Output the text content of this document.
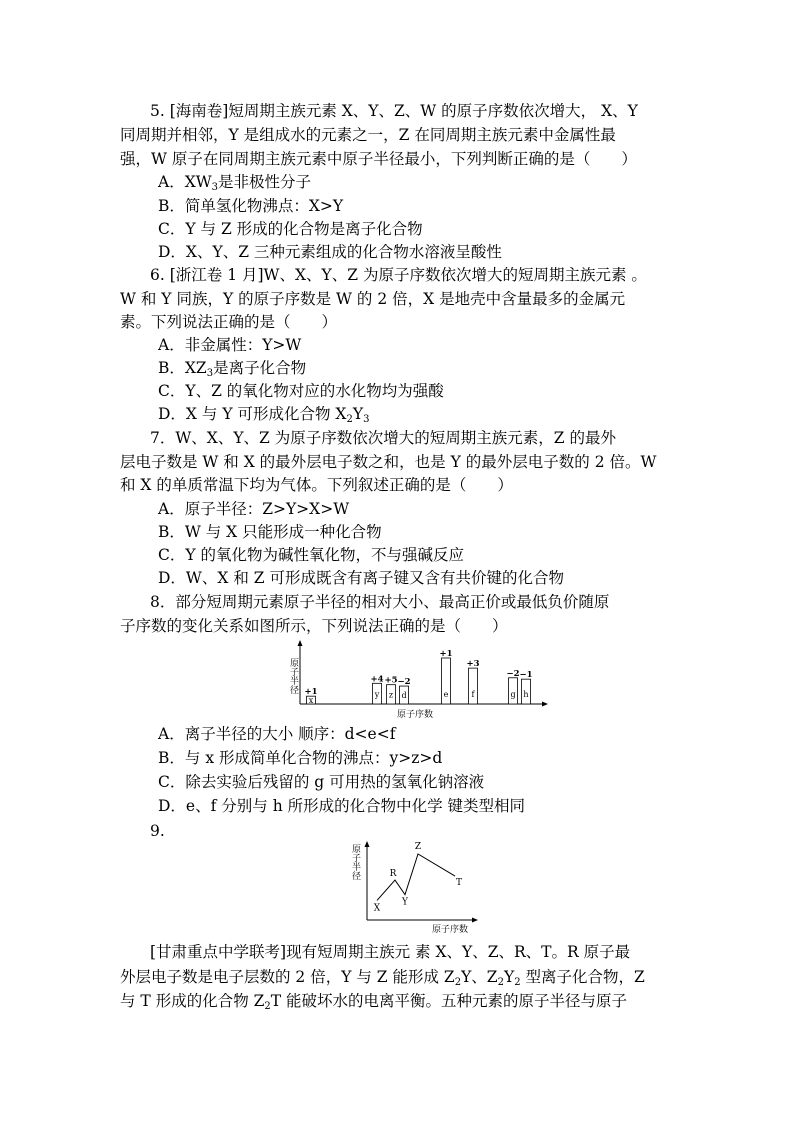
5. [海南卷]短周期主族元素 X、Y、Z、W 的原子序数依次增大， X、Y
同周期并相邻，Y 是组成水的元素之一，Z 在同周期主族元素中金属性最
强，W 原子在同周期主族元素中原子半径最小，下列判断正确的是（　　）
A．$XW_3$是非极性分子
B．简单氢化物沸点：X>Y
C．Y 与 Z 形成的化合物是离子化合物
D．X、Y、Z 三种元素组成的化合物水溶液呈酸性
6. [浙江卷 1 月]W、X、Y、Z 为原子序数依次增大的短周期主族元素 。
W 和 Y 同族，Y 的原子序数是 W 的 2 倍，X 是地壳中含量最多的金属元
素。下列说法正确的是（　　）
A．非金属性：Y>W
B．$XZ_3$是离子化合物
C．Y、Z 的氧化物对应的水化物均为强酸
D．X 与 Y 可形成化合物 $X_2Y_3$
7．W、X、Y、Z 为原子序数依次增大的短周期主族元素，Z 的最外
层电子数是 W 和 X 的最外层电子数之和，也是 Y 的最外层电子数的 2 倍。W
和 X 的单质常温下均为气体。下列叙述正确的是（　　）
A．原子半径：Z>Y>X>W
B．W 与 X 只能形成一种化合物
C．Y 的氧化物为碱性氧化物，不与强碱反应
D．W、X 和 Z 可形成既含有离子键又含有共价键的化合物
8．部分短周期元素原子半径的相对大小、最高正价或最低负价随原
子序数的变化关系如图所示，下列说法正确的是（　　）
原子半径
原子序数
x
+1	y
+4
z
+5
d
−2
e
+1
f
+3
g
−2
h
−1
A．离子半径的大小 顺序：d<e<f
B．与 x 形成简单化合物的沸点：y>z>d
C．除去实验后残留的 g 可用热的氢氧化钠溶液
D．e、f 分别与 h 所形成的化合物中化学 键类型相同
9.
原子半径
原子序数
X
R
Y
Z
T
[甘肃重点中学联考]现有短周期主族元 素 X、Y、Z、R、T。R 原子最
外层电子数是电子层数的 2 倍，Y 与 Z 能形成 $Z_2Y$、$Z_2Y_2$ 型离子化合物，Z
与 T 形成的化合物 $Z_2T$ 能破坏水的电离平衡。五种元素的原子半径与原子
